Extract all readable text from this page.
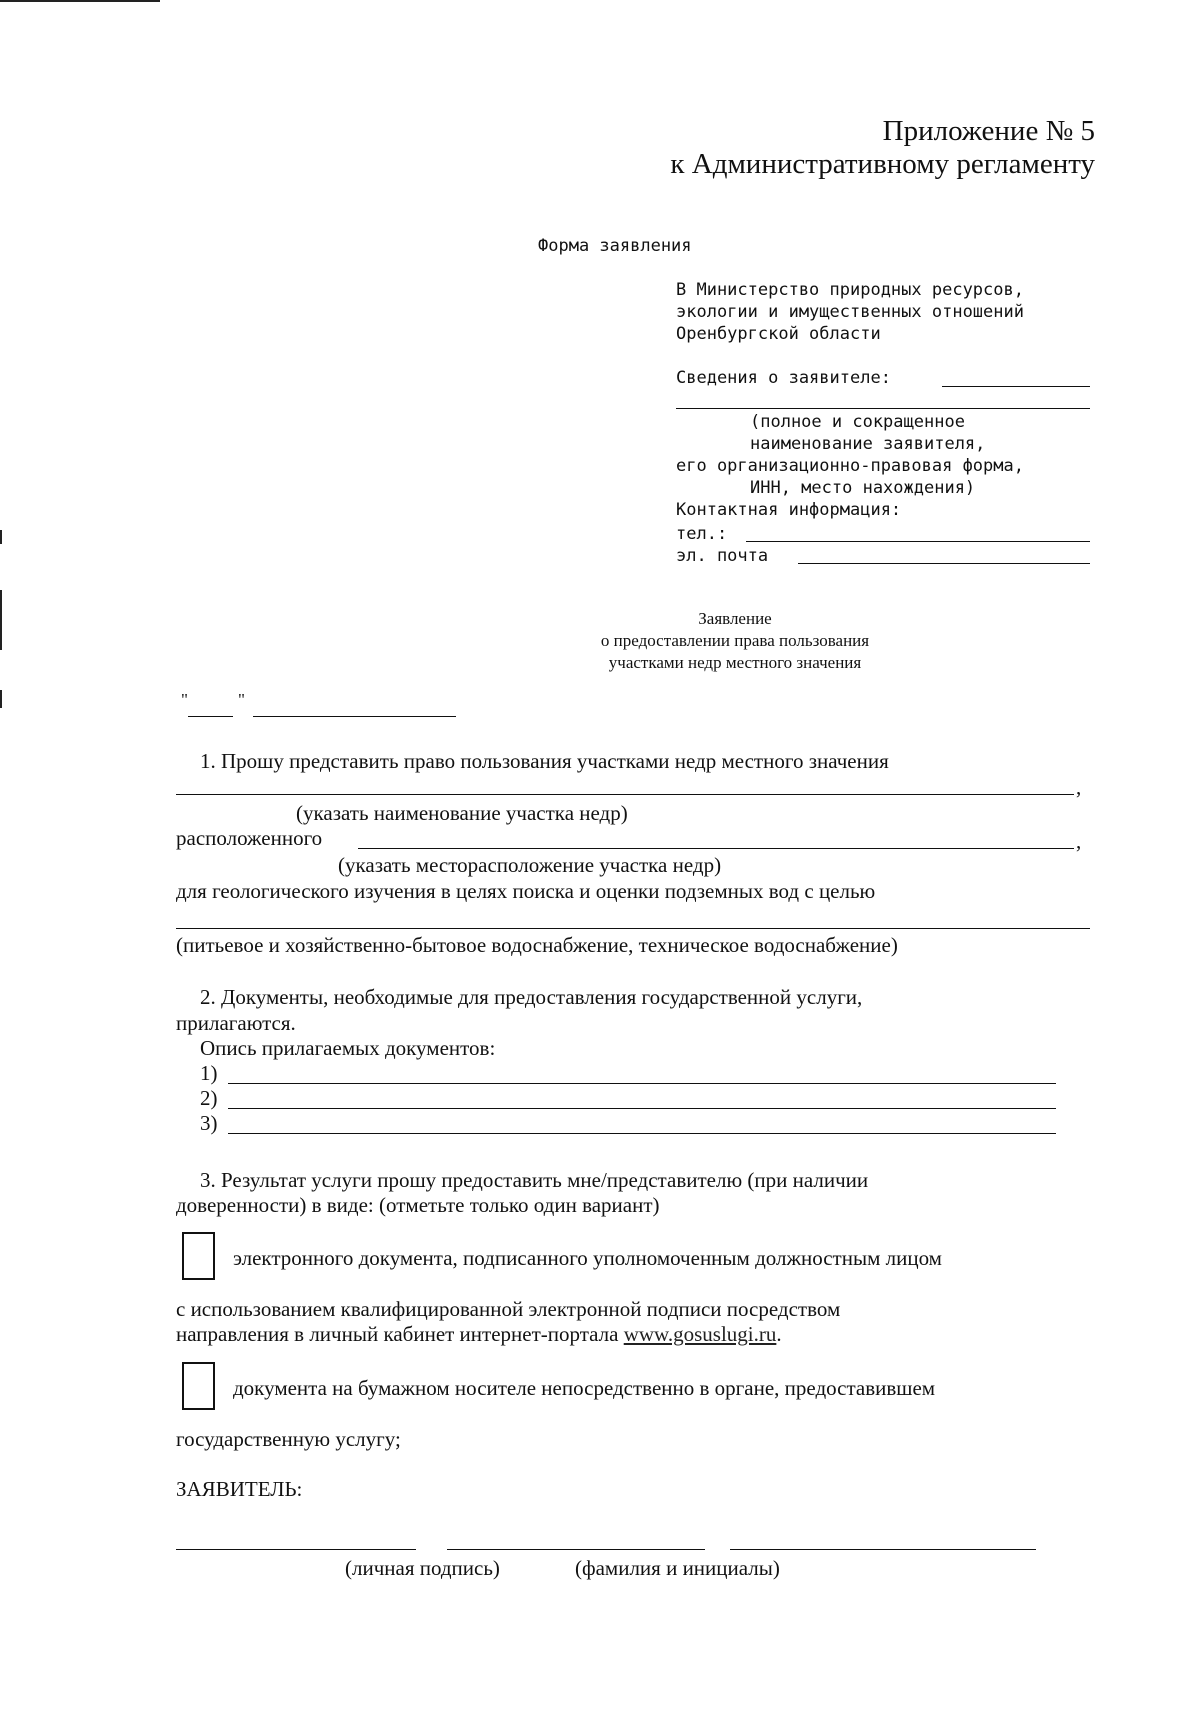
Приложение № 5
к Административному регламенту
Форма заявления
В Министерство природных ресурсов,
экологии и имущественных отношений
Оренбургской области
Сведения о заявителе:
(полное и сокращенное
наименование заявителя,
его организационно-правовая форма,
ИНН, место нахождения)
Контактная информация:
тел.:
эл. почта
Заявление
о предоставлении права пользования
участками недр местного значения
"	"
1. Прошу представить право пользования участками недр местного значения
,
(указать наименование участка недр)
расположенного	,
(указать месторасположение участка недр)
для геологического изучения в целях поиска и оценки подземных вод с целью
(питьевое и хозяйственно-бытовое водоснабжение, техническое водоснабжение)
2. Документы, необходимые для предоставления государственной услуги,
прилагаются.
Опись прилагаемых документов:
1)
2)
3)
3. Результат услуги прошу предоставить мне/представителю (при наличии
доверенности) в виде: (отметьте только один вариант)
электронного документа, подписанного уполномоченным должностным лицом
с использованием квалифицированной электронной подписи посредством
направления в личный кабинет интернет-портала www.gosuslugi.ru.
документа на бумажном носителе непосредственно в органе, предоставившем
государственную услугу;
ЗАЯВИТЕЛЬ:
(личная подпись)	(фамилия и инициалы)
